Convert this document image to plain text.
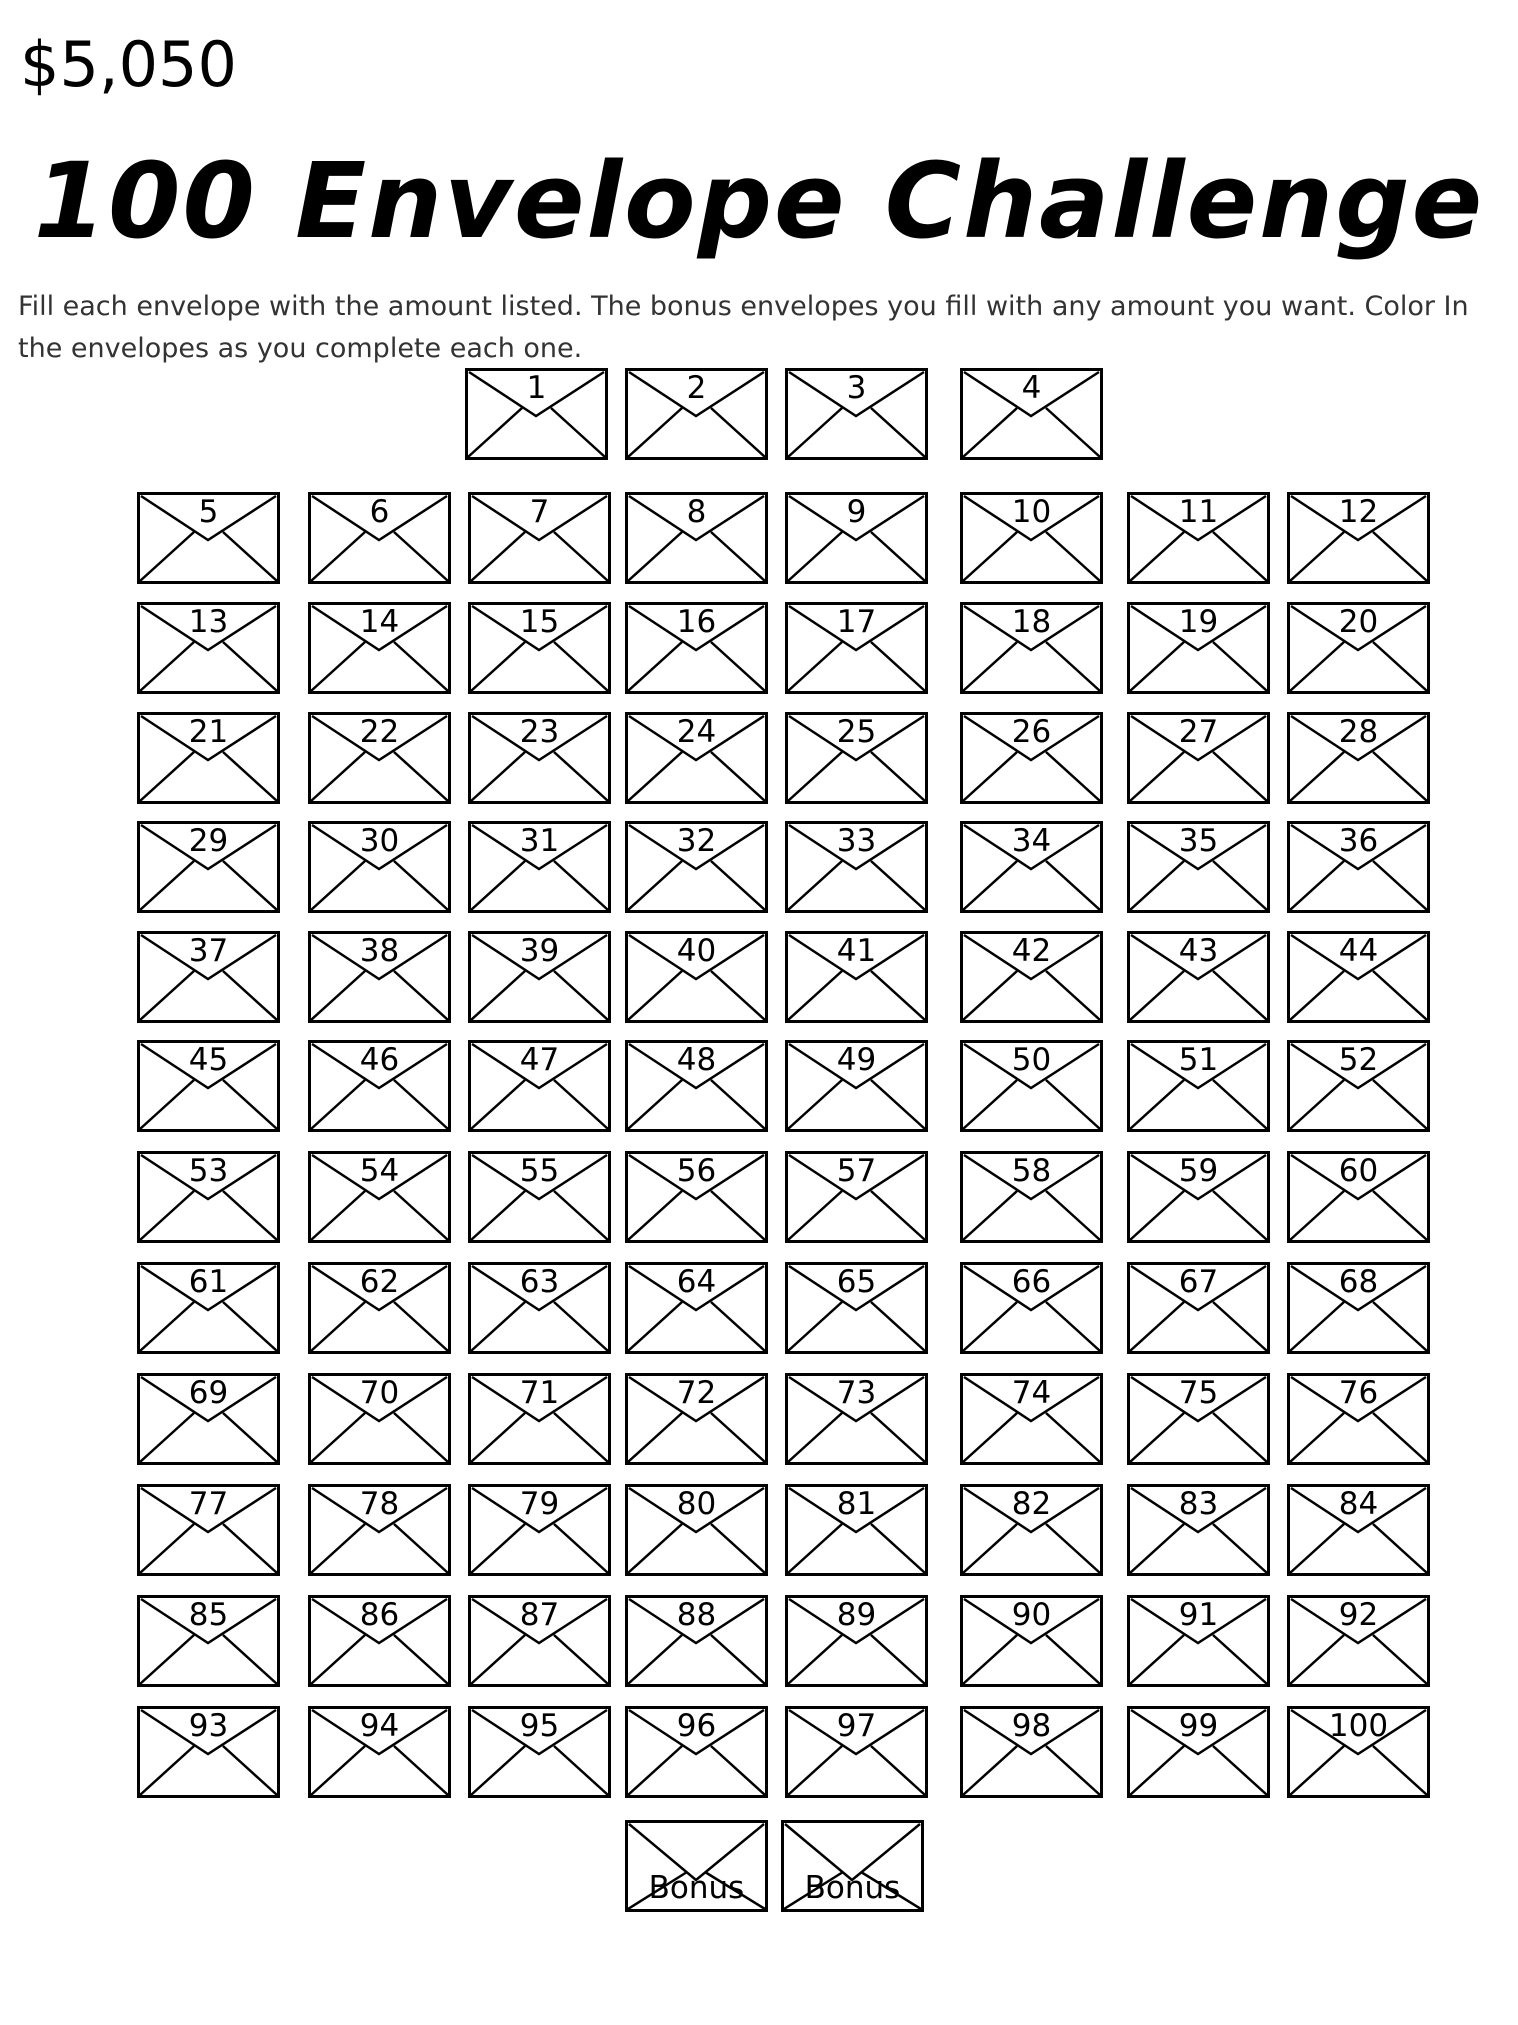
$5,050
100 Envelope Challenge
Fill each envelope with the amount listed. The bonus envelopes you fill with any amount you want. Color In the envelopes as you complete each one.
1	2	3	4
5	6	7	8	9	10	11	12
13	14	15	16	17	18	19	20
21	22	23	24	25	26	27	28
29	30	31	32	33	34	35	36
37	38	39	40	41	42	43	44
45	46	47	48	49	50	51	52
53	54	55	56	57	58	59	60
61	62	63	64	65	66	67	68
69	70	71	72	73	74	75	76
77	78	79	80	81	82	83	84
85	86	87	88	89	90	91	92
93	94	95	96	97	98	99	100
Bonus	Bonus
